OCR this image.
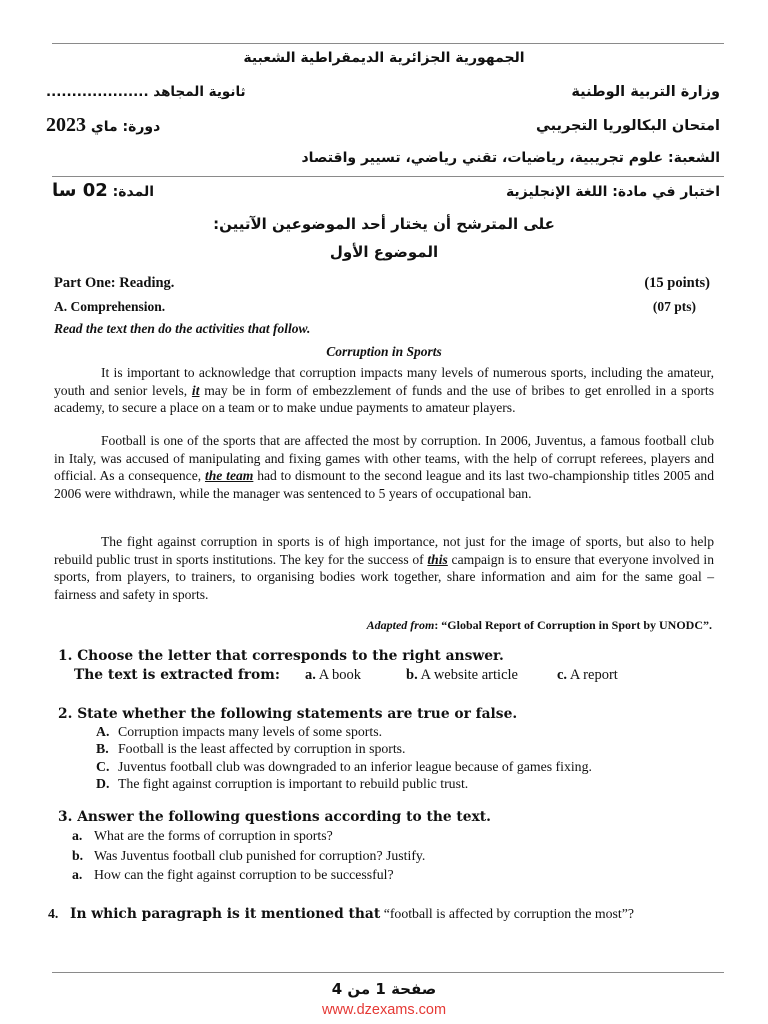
الجمهورية الجزائرية الديمقراطية الشعبية
وزارة التربية الوطنية
ثانوية المجاهد ....................
امتحان البكالوريا التجريبي
دورة: ماي 2023
الشعبة: علوم تجريبية، رياضيات، تقني رياضي، تسيير واقتصاد
اختبار في مادة: اللغة الإنجليزية
المدة: 02 سا
على المترشح أن يختار أحد الموضوعين الآتيين:
الموضوع الأول
Part One: Reading.	(15 points)
A. Comprehension.	(07 pts)
Read the text then do the activities that follow.
Corruption in Sports

It is important to acknowledge that corruption impacts many levels of numerous sports, including the amateur, youth and senior levels, it may be in form of embezzlement of funds and the use of bribes to get enrolled in a sports academy, to secure a place on a team or to make undue payments to amateur players.

Football is one of the sports that are affected the most by corruption. In 2006, Juventus, a famous football club in Italy, was accused of manipulating and fixing games with other teams, with the help of corrupt referees, players and official. As a consequence, the team had to dismount to the second league and its last two-championship titles 2005 and 2006 were withdrawn, while the manager was sentenced to 5 years of occupational ban.

The fight against corruption in sports is of high importance, not just for the image of sports, but also to help rebuild public trust in sports institutions. The key for the success of this campaign is to ensure that everyone involved in sports, from players, to trainers, to organising bodies work together, share information and aim for the same goal – fairness and safety in sports.

Adapted from: “Global Report of Corruption in Sport by UNODC”.
1. Choose the letter that corresponds to the right answer.
The text is extracted from: a. A book	b. A website article	c. A report
2. State whether the following statements are true or false.
A. Corruption impacts many levels of some sports.
B. Football is the least affected by corruption in sports.
C. Juventus football club was downgraded to an inferior league because of games fixing.
D. The fight against corruption is important to rebuild public trust.
3. Answer the following questions according to the text.
a. What are the forms of corruption in sports?
b. Was Juventus football club punished for corruption? Justify.
a. How can the fight against corruption to be successful?
4. In which paragraph is it mentioned that “football is affected by corruption the most”?
صفحة 1 من 4
www.dzexams.com
